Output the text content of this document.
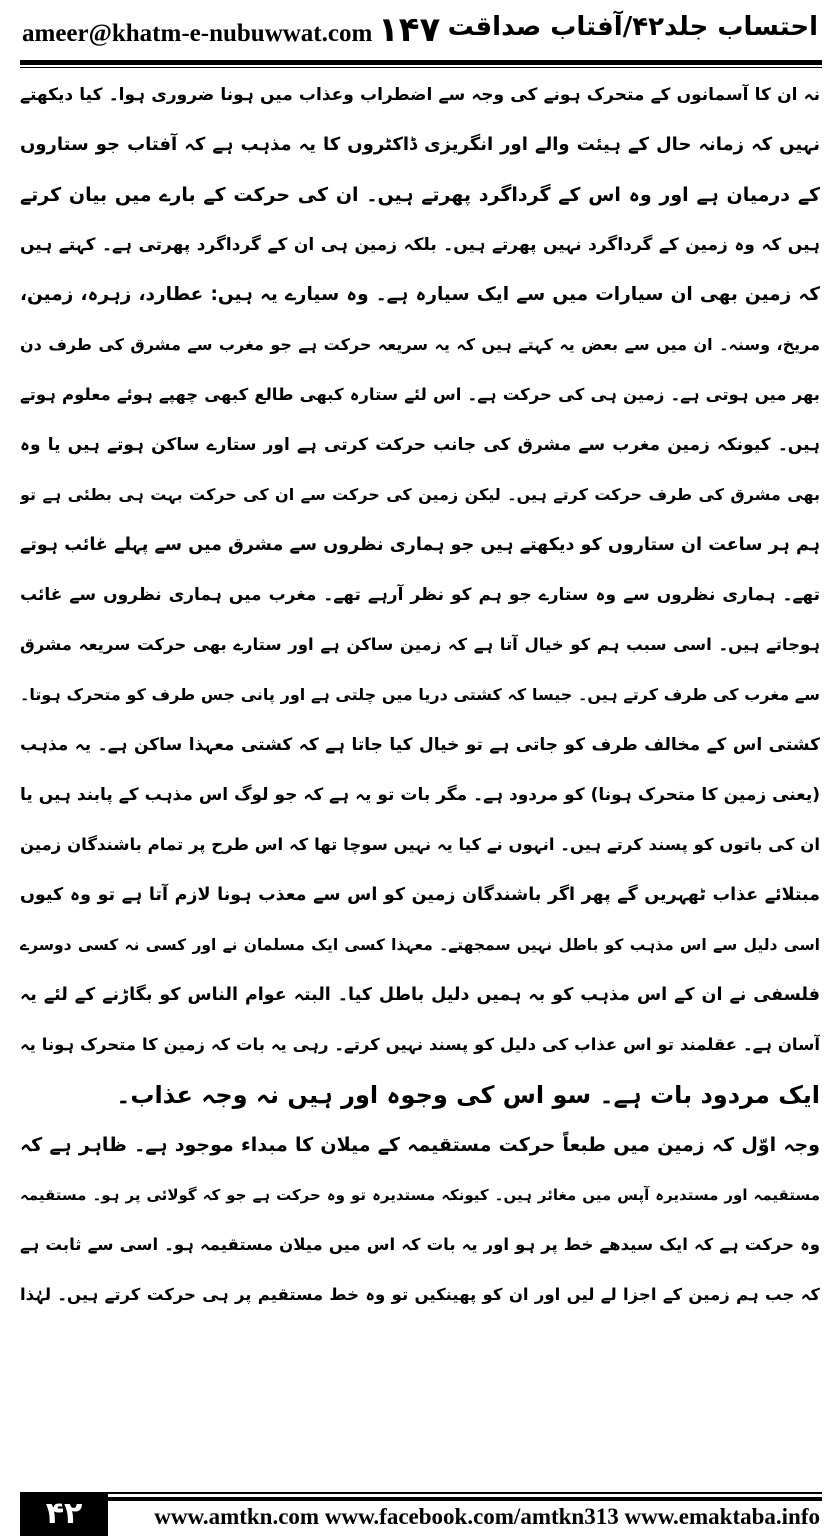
ameer@khatm-e-nubuwwat.com ۱۴۷ احتساب جلد۴۲/آفتاب صداقت
نہ ان کا آسمانوں کے متحرک ہونے کی وجہ سے اضطراب وعذاب میں ہونا ضروری ہوا۔ کیا دیکھتے
نہیں کہ زمانہ حال کے ہیئت والے اور انگریزی ڈاکٹروں کا یہ مذہب ہے کہ آفتاب جو ستاروں
کے درمیان ہے اور وہ اس کے گرداگرد پھرتے ہیں۔ ان کی حرکت کے بارے میں بیان کرتے
ہیں کہ وہ زمین کے گرداگرد نہیں پھرتے ہیں۔ بلکہ زمین ہی ان کے گرداگرد پھرتی ہے۔ کہتے ہیں
کہ زمین بھی ان سیارات میں سے ایک سیارہ ہے۔ وہ سیارے یہ ہیں: عطارد، زہرہ، زمین،
مریخ، وسنہ۔ ان میں سے بعض یہ کہتے ہیں کہ یہ سریعہ حرکت ہے جو مغرب سے مشرق کی طرف دن
بھر میں ہوتی ہے۔ زمین ہی کی حرکت ہے۔ اس لئے ستارہ کبھی طالع کبھی چھپے ہوئے معلوم ہوتے
ہیں۔ کیونکہ زمین مغرب سے مشرق کی جانب حرکت کرتی ہے اور ستارے ساکن ہوتے ہیں یا وہ
بھی مشرق کی طرف حرکت کرتے ہیں۔ لیکن زمین کی حرکت سے ان کی حرکت بہت ہی بطئی ہے تو
ہم ہر ساعت ان ستاروں کو دیکھتے ہیں جو ہماری نظروں سے مشرق میں سے پہلے غائب ہوتے
تھے۔ ہماری نظروں سے وہ ستارے جو ہم کو نظر آرہے تھے۔ مغرب میں ہماری نظروں سے غائب
ہوجاتے ہیں۔ اسی سبب ہم کو خیال آتا ہے کہ زمین ساکن ہے اور ستارے بھی حرکت سریعہ مشرق
سے مغرب کی طرف کرتے ہیں۔ جیسا کہ کشتی دریا میں چلتی ہے اور پانی جس طرف کو متحرک ہوتا۔
کشتی اس کے مخالف طرف کو جاتی ہے تو خیال کیا جاتا ہے کہ کشتی معہذا ساکن ہے۔ یہ مذہب
(یعنی زمین کا متحرک ہونا) کو مردود ہے۔ مگر بات تو یہ ہے کہ جو لوگ اس مذہب کے پابند ہیں یا
ان کی باتوں کو پسند کرتے ہیں۔ انہوں نے کیا یہ نہیں سوچا تھا کہ اس طرح پر تمام باشندگان زمین
مبتلائے عذاب ٹھہریں گے پھر اگر باشندگان زمین کو اس سے معذب ہونا لازم آتا ہے تو وہ کیوں
اسی دلیل سے اس مذہب کو باطل نہیں سمجھتے۔ معہذا کسی ایک مسلمان نے اور کسی نہ کسی دوسرے
فلسفی نے ان کے اس مذہب کو بہ ہمیں دلیل باطل کیا۔ البتہ عوام الناس کو بگاڑنے کے لئے یہ
آسان ہے۔ عقلمند تو اس عذاب کی دلیل کو پسند نہیں کرتے۔ رہی یہ بات کہ زمین کا متحرک ہونا یہ
ایک مردود بات ہے۔ سو اس کی وجوہ اور ہیں نہ وجہ عذاب۔
وجہ اوّل کہ زمین میں طبعاً حرکت مستقیمہ کے میلان کا مبداء موجود ہے۔ ظاہر ہے کہ
مستقیمہ اور مستدیرہ آپس میں مغائر ہیں۔ کیونکہ مستدیرہ تو وہ حرکت ہے جو کہ گولائی پر ہو۔ مستقیمہ
وہ حرکت ہے کہ ایک سیدھے خط پر ہو اور یہ بات کہ اس میں میلان مستقیمہ ہو۔ اسی سے ثابت ہے
کہ جب ہم زمین کے اجزا لے لیں اور ان کو پھینکیں تو وہ خط مستقیم پر ہی حرکت کرتے ہیں۔ لہٰذا
۴۲	www.amtkn.com www.facebook.com/amtkn313 www.emaktaba.info
